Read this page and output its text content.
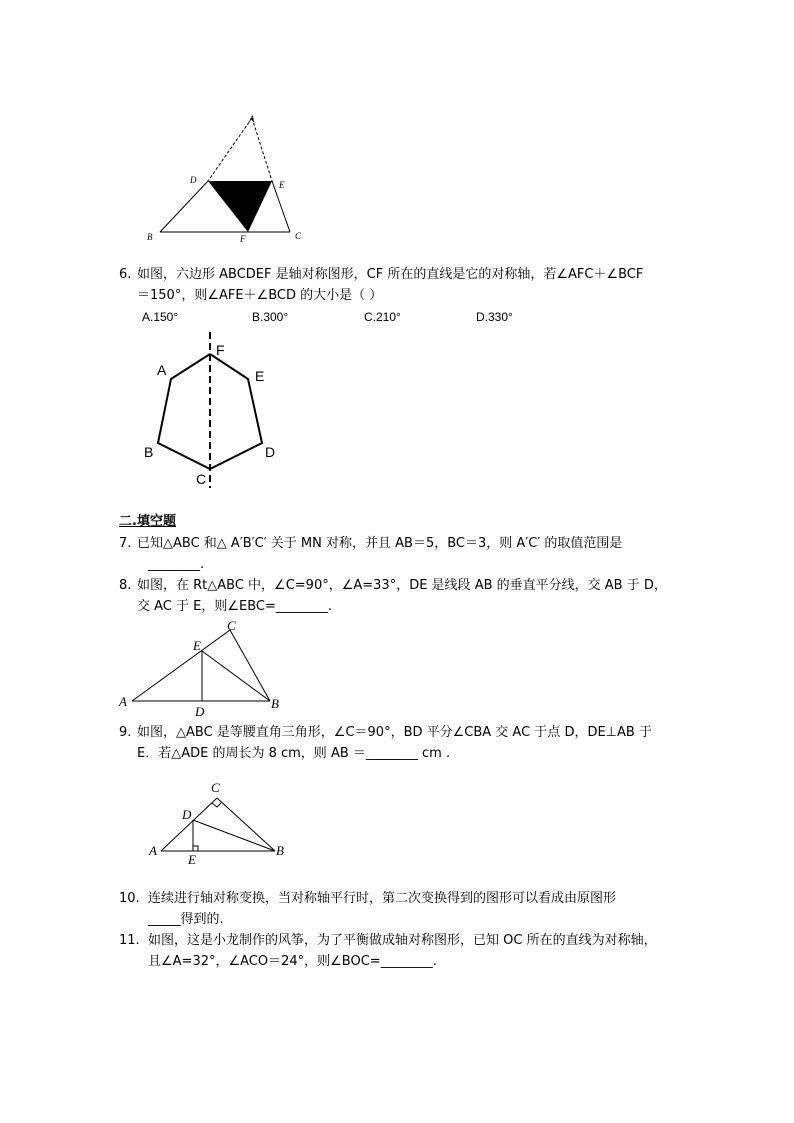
A
D	E
B	F	C
6. 如图，六边形 ABCDEF 是轴对称图形，CF 所在的直线是它的对称轴，若∠AFC＋∠BCF
＝150°，则∠AFE＋∠BCD 的大小是（ ）
A.150°	B.300°	C.210°	D.330°
F
A	E
B	D
C
二.填空题
7. 已知△ABC 和△ A′B′C′ 关于 MN 对称，并且 AB＝5，BC＝3，则 A′C′ 的取值范围是
________.
8. 如图，在 Rt△ABC 中，∠C=90°，∠A=33°，DE 是线段 AB 的垂直平分线，交 AB 于 D，
交 AC 于 E，则∠EBC=________.
C
E
A
D
B
9. 如图，△ABC 是等腰直角三角形，∠C＝90°，BD 平分∠CBA 交 AC 于点 D，DE⊥AB 于
E．若△ADE 的周长为 8 cm，则 AB ＝________ cm .
C
D
A
E
B
10. 连续进行轴对称变换，当对称轴平行时，第二次变换得到的图形可以看成由原图形
_____得到的.
11. 如图，这是小龙制作的风筝，为了平衡做成轴对称图形，已知 OC 所在的直线为对称轴，
且∠A=32°，∠ACO＝24°，则∠BOC=________.
